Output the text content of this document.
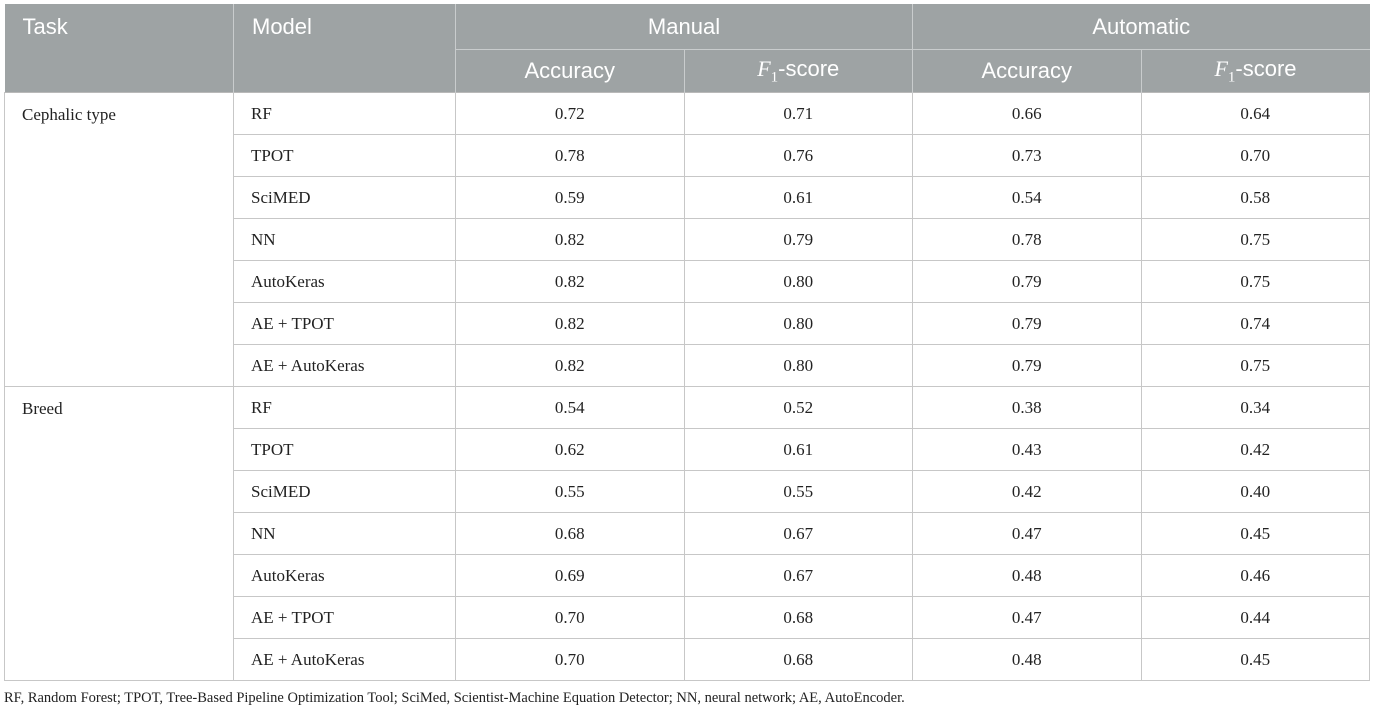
Task	Model	Manual		Automatic	
		Accuracy	$F_1$-score	Accuracy	$F_1$-score
Cephalic type	RF	0.72	0.71	0.66	0.64
	TPOT	0.78	0.76	0.73	0.70
	SciMED	0.59	0.61	0.54	0.58
	NN	0.82	0.79	0.78	0.75
	AutoKeras	0.82	0.80	0.79	0.75
	AE + TPOT	0.82	0.80	0.79	0.74
	AE + AutoKeras	0.82	0.80	0.79	0.75
Breed	RF	0.54	0.52	0.38	0.34
	TPOT	0.62	0.61	0.43	0.42
	SciMED	0.55	0.55	0.42	0.40
	NN	0.68	0.67	0.47	0.45
	AutoKeras	0.69	0.67	0.48	0.46
	AE + TPOT	0.70	0.68	0.47	0.44
	AE + AutoKeras	0.70	0.68	0.48	0.45
RF, Random Forest; TPOT, Tree-Based Pipeline Optimization Tool; SciMed, Scientist-Machine Equation Detector; NN, neural network; AE, AutoEncoder.
